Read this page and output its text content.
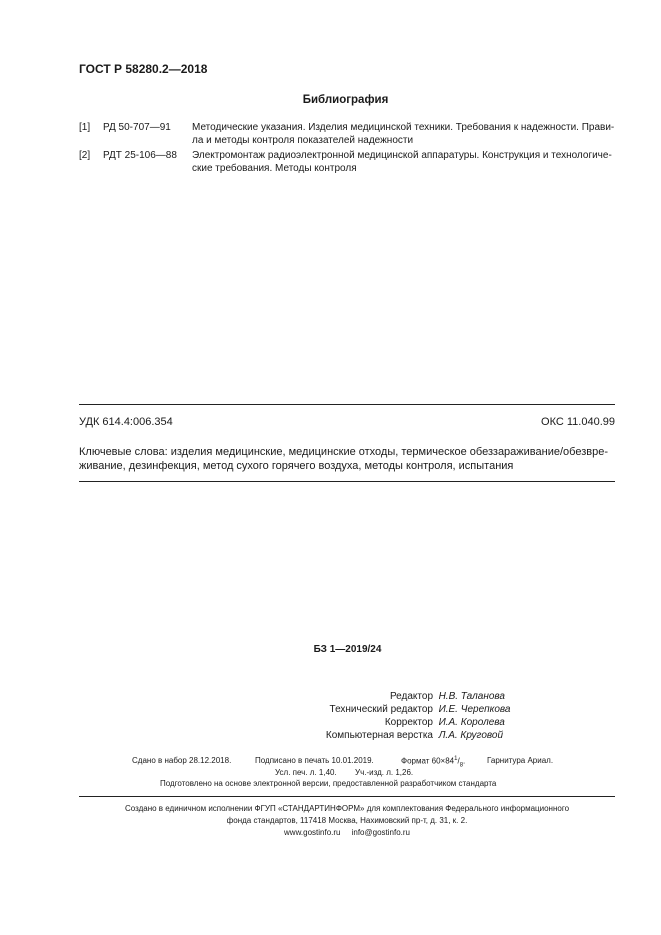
ГОСТ Р 58280.2—2018
Библиография
[1] РД 50-707—91 Методические указания. Изделия медицинской техники. Требования к надежности. Прави-
ла и методы контроля показателей надежности
[2] РДТ 25-106—88 Электромонтаж радиоэлектронной медицинской аппаратуры. Конструкция и технологиче-
ские требования. Методы контроля
УДК 614.4:006.354	ОКС 11.040.99
Ключевые слова: изделия медицинские, медицинские отходы, термическое обеззараживание/обезвре-
живание, дезинфекция, метод сухого горячего воздуха, методы контроля, испытания
БЗ 1—2019/24
Редактор Н.В. Таланова
Технический редактор И.Е. Черепкова
Корректор И.А. Королева
Компьютерная верстка Л.А. Круговой
Сдано в набор 28.12.2018.	Подписано в печать 10.01.2019.	Формат $60\times 84^1/_8$.	Гарнитура Ариал.
Усл. печ. л. 1,40. Уч.-изд. л. 1,26.
Подготовлено на основе электронной версии, предоставленной разработчиком стандарта
Создано в единичном исполнении ФГУП «СТАНДАРТИНФОРМ» для комплектования Федерального информационного
фонда стандартов, 117418 Москва, Нахимовский пр-т, д. 31, к. 2.
www.gostinfo.ru info@gostinfo.ru
